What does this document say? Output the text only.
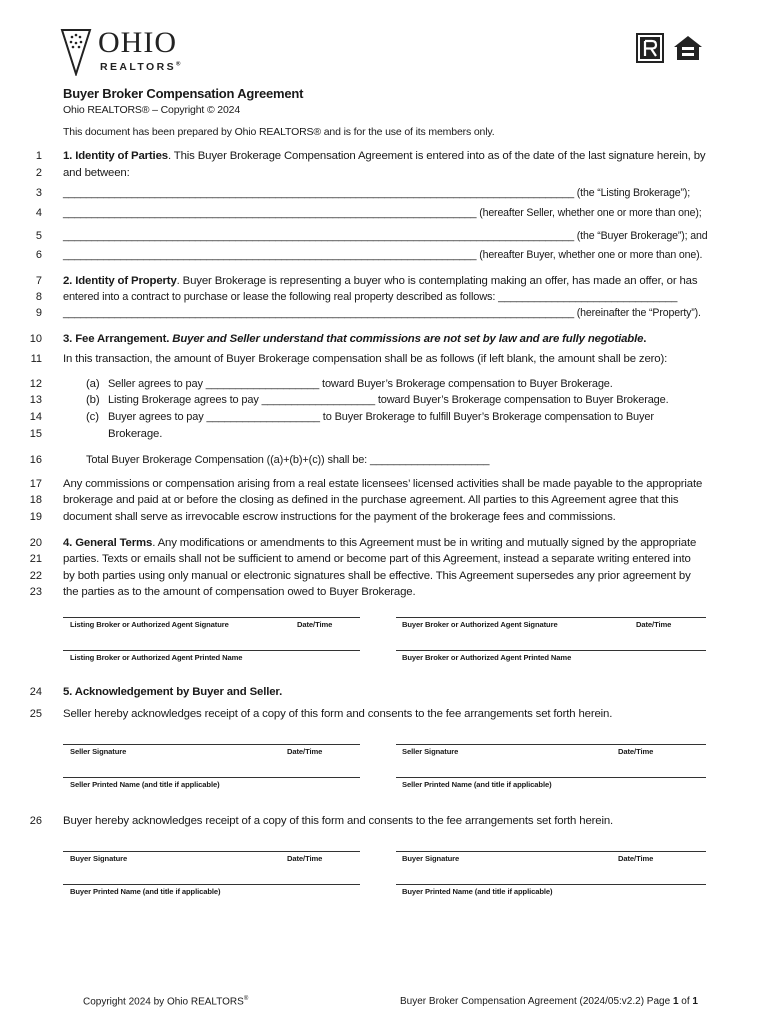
OHIO
REALTORS®
Buyer Broker Compensation Agreement
Ohio REALTORS® – Copyright © 2024
This document has been prepared by Ohio REALTORS® and is for the use of its members only.
1
2
3
4
5
6
7
8
9
10
11
12
13
14
15
16
17
18
19
20
21
22
23
24
25
26
1. Identity of Parties. This Buyer Brokerage Compensation Agreement is entered into as of the date of the last signature herein, by
and between:
_________________________________________________________________________________________ (the “Listing Brokerage”);
________________________________________________________________________ (hereafter Seller, whether one or more than one);
_________________________________________________________________________________________ (the “Buyer Brokerage”); and
________________________________________________________________________ (hereafter Buyer, whether one or more than one).
2. Identity of Property. Buyer Brokerage is representing a buyer who is contemplating making an offer, has made an offer, or has
entered into a contract to purchase or lease the following real property described as follows: ______________________________
_________________________________________________________________________________________ (hereinafter the “Property”).
3. Fee Arrangement. Buyer and Seller understand that commissions are not set by law and are fully negotiable.
In this transaction, the amount of Buyer Brokerage compensation shall be as follows (if left blank, the amount shall be zero):
(a) Seller agrees to pay ___________________ toward Buyer’s Brokerage compensation to Buyer Brokerage.
(b) Listing Brokerage agrees to pay ___________________ toward Buyer’s Brokerage compensation to Buyer Brokerage.
(c) Buyer agrees to pay ___________________ to Buyer Brokerage to fulfill Buyer’s Brokerage compensation to Buyer
Brokerage.
Total Buyer Brokerage Compensation ((a)+(b)+(c)) shall be: ____________________
Any commissions or compensation arising from a real estate licensees’ licensed activities shall be made payable to the appropriate
brokerage and paid at or before the closing as defined in the purchase agreement. All parties to this Agreement agree that this
document shall serve as irrevocable escrow instructions for the payment of the brokerage fees and commissions.
4. General Terms. Any modifications or amendments to this Agreement must be in writing and mutually signed by the appropriate
parties. Texts or emails shall not be sufficient to amend or become part of this Agreement, instead a separate writing entered into
by both parties using only manual or electronic signatures shall be effective. This Agreement supersedes any prior agreement by
the parties as to the amount of compensation owed to Buyer Brokerage.
Listing Broker or Authorized Agent Signature	Date/Time	Buyer Broker or Authorized Agent Signature	Date/Time
Listing Broker or Authorized Agent Printed Name	Buyer Broker or Authorized Agent Printed Name
5. Acknowledgement by Buyer and Seller.
Seller hereby acknowledges receipt of a copy of this form and consents to the fee arrangements set forth herein.
Seller Signature	Date/Time	Seller Signature	Date/Time
Seller Printed Name (and title if applicable)	Seller Printed Name (and title if applicable)
Buyer hereby acknowledges receipt of a copy of this form and consents to the fee arrangements set forth herein.
Buyer Signature	Date/Time	Buyer Signature	Date/Time
Buyer Printed Name (and title if applicable)	Buyer Printed Name (and title if applicable)
Copyright 2024 by Ohio REALTORS®	Buyer Broker Compensation Agreement (2024/05:v2.2) Page 1 of 1
